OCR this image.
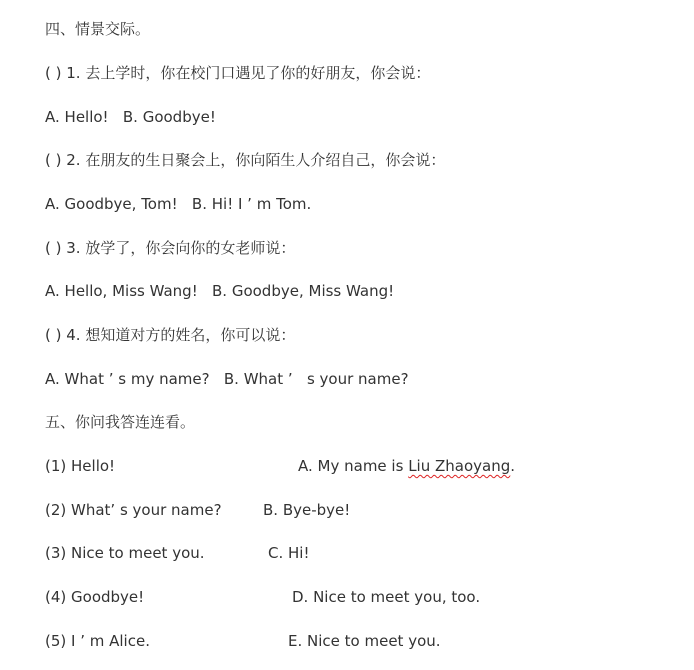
四、情景交际。
( ) 1. 去上学时，你在校门口遇见了你的好朋友，你会说：
A. Hello!   B. Goodbye!
( ) 2. 在朋友的生日聚会上，你向陌生人介绍自己，你会说：
A. Goodbye, Tom!   B. Hi! I ’ m Tom.
( ) 3. 放学了，你会向你的女老师说：
A. Hello, Miss Wang!   B. Goodbye, Miss Wang!
( ) 4. 想知道对方的姓名，你可以说：
A. What ’ s my name?   B. What ’   s your name?
五、你问我答连连看。
(1) Hello!	A. My name is Liu Zhaoyang.
(2) What’ s your name?	B. Bye-bye!
(3) Nice to meet you.	C. Hi!
(4) Goodbye!	D. Nice to meet you, too.
(5) I ’ m Alice.	E. Nice to meet you.
